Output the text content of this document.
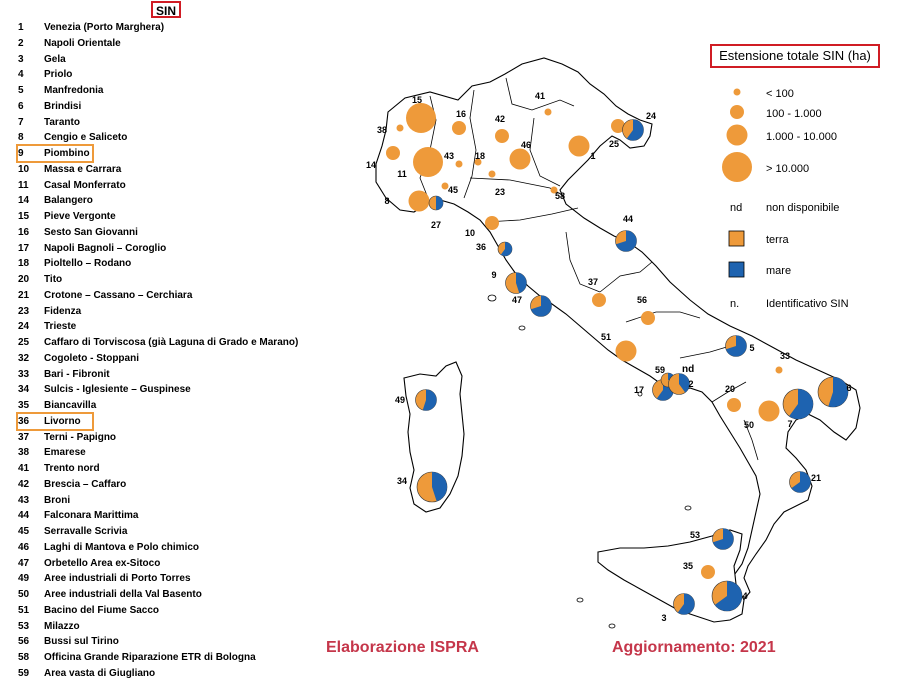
15
38
16	42
41
14
11
43 18
46
1
25
24
23	58
45
8
27
10
36
44
9
47
37
56
51
5
33
6
17
59
2	20
50	7
21
49
34
53
35
4
3
nd
< 100
100 - 1.000
1.000 - 10.000
> 10.000
nd non disponibile
terra
mare
n. Identificativo SIN
SIN
1 Venezia (Porto Marghera)
2 Napoli Orientale
3 Gela
4 Priolo
5 Manfredonia
6 Brindisi
7 Taranto
8 Cengio e Saliceto
9 Piombino
10 Massa e Carrara
11 Casal Monferrato
14 Balangero
15 Pieve Vergonte
16 Sesto San Giovanni
17 Napoli Bagnoli – Coroglio
18 Pioltello – Rodano
20 Tito
21 Crotone – Cassano – Cerchiara
23 Fidenza
24 Trieste
25 Caffaro di Torviscosa (già Laguna di Grado e Marano)
32 Cogoleto - Stoppani
33 Bari - Fibronit
34 Sulcis - Iglesiente – Guspinese
35 Biancavilla
36 Livorno
37 Terni - Papigno
38 Emarese
41 Trento nord
42 Brescia – Caffaro
43 Broni
44 Falconara Marittima
45 Serravalle Scrivia
46 Laghi di Mantova e Polo chimico
47 Orbetello Area ex-Sitoco
49 Aree industriali di Porto Torres
50 Aree industriali della Val Basento
51 Bacino del Fiume Sacco
53 Milazzo
56 Bussi sul Tirino
58 Officina Grande Riparazione ETR di Bologna
59 Area vasta di Giugliano
Estensione totale SIN (ha)
Elaborazione ISPRA	Aggiornamento: 2021
